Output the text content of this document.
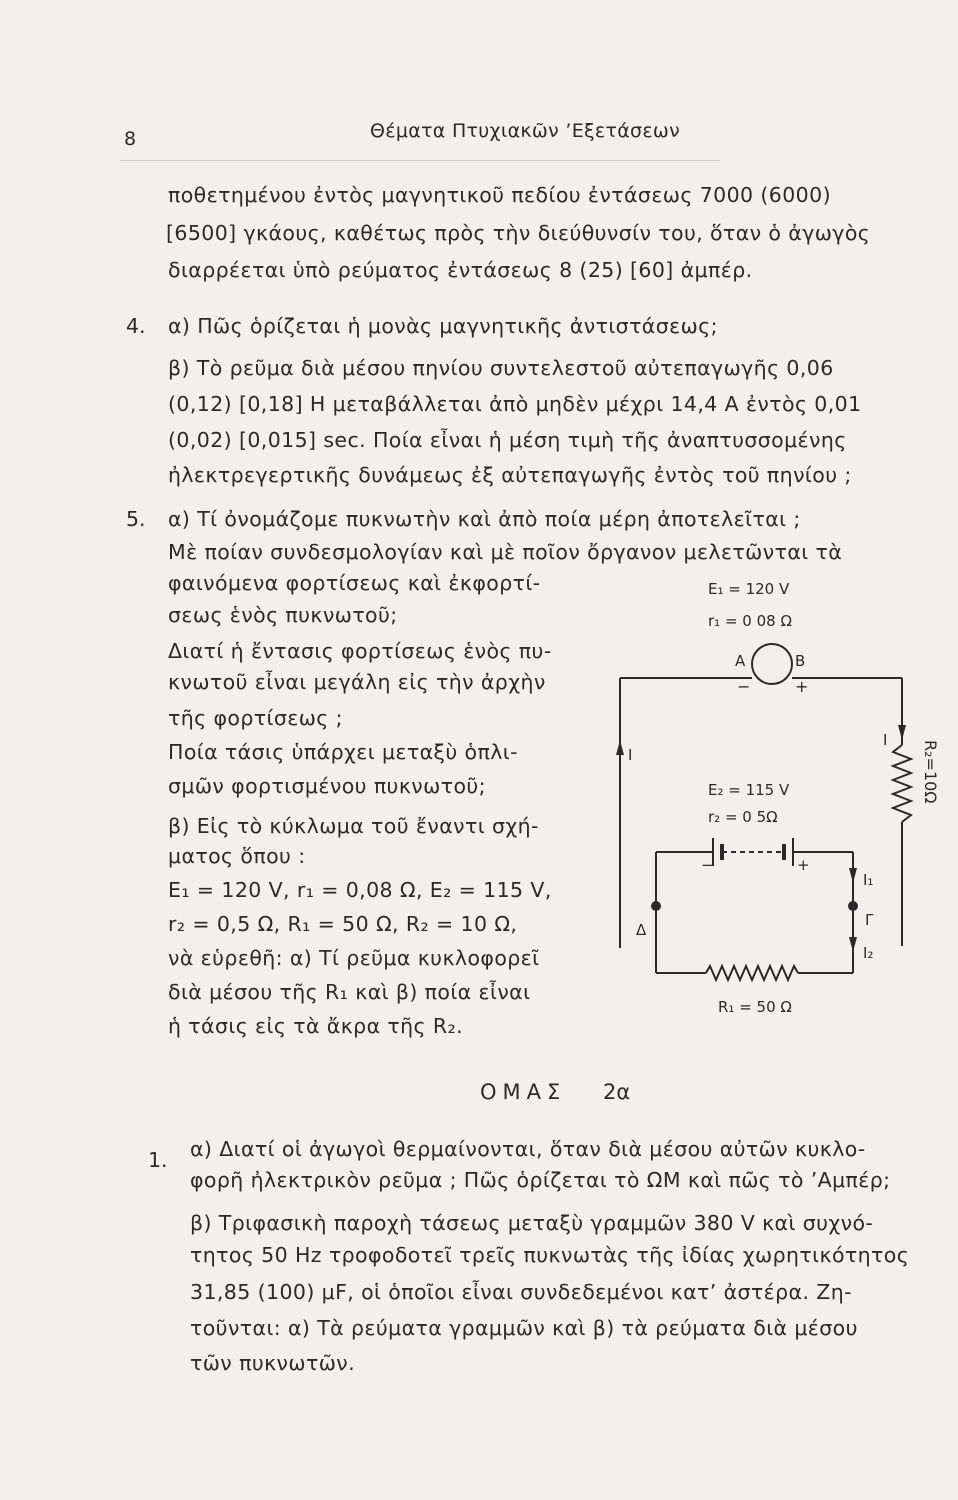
8	Θέματα Πτυχιακῶν ’Εξετάσεων
ποθετημένου ἐντὸς μαγνητικοῦ πεδίου ἐντάσεως 7000 (6000)
[6500] γκάους, καθέτως πρὸς τὴν διεύθυνσίν του, ὅταν ὁ ἀγωγὸς
διαρρέεται ὑπὸ ρεύματος ἐντάσεως 8 (25) [60] ἀμπέρ.
4. α) Πῶς ὁρίζεται ἡ μονὰς μαγνητικῆς ἀντιστάσεως;
β) Τὸ ρεῦμα διὰ μέσου πηνίου συντελεστοῦ αὐτεπαγωγῆς 0,06
(0,12) [0,18] Η μεταβάλλεται ἀπὸ μηδὲν μέχρι 14,4 Α ἐντὸς 0,01
(0,02) [0,015] sec. Ποία εἶναι ἡ μέση τιμὴ τῆς ἀναπτυσσομένης
ἠλεκτρεγερτικῆς δυνάμεως ἐξ αὐτεπαγωγῆς ἐντὸς τοῦ πηνίου ;
5. α) Τί ὀνομάζομε πυκνωτὴν καὶ ἀπὸ ποία μέρη ἀποτελεῖται ;
Μὲ ποίαν συνδεσμολογίαν καὶ μὲ ποῖον ὄργανον μελετῶνται τὰ
φαινόμενα φορτίσεως καὶ ἐκφορτί-
σεως ἑνὸς πυκνωτοῦ;
Διατί ἡ ἔντασις φορτίσεως ἑνὸς πυ-
κνωτοῦ εἶναι μεγάλη εἰς τὴν ἀρχὴν
τῆς φορτίσεως ;
Ποία τάσις ὑπάρχει μεταξὺ ὁπλι-
σμῶν φορτισμένου πυκνωτοῦ;
β) Εἰς τὸ κύκλωμα τοῦ ἔναντι σχή-
ματος ὅπου :
E₁ = 120 V, r₁ = 0,08 Ω, E₂ = 115 V,
r₂ = 0,5 Ω, R₁ = 50 Ω, R₂ = 10 Ω,
νὰ εὑρεθῆ: α) Τί ρεῦμα κυκλοφορεῖ
διὰ μέσου τῆς R₁ καὶ β) ποία εἶναι
ἡ τάσις εἰς τὰ ἄκρα τῆς R₂.
ΟΜΑΣ 2α
1. α) Διατί οἱ ἀγωγοὶ θερμαίνονται, ὅταν διὰ μέσου αὐτῶν κυκλο-
φορῆ ἠλεκτρικὸν ρεῦμα ; Πῶς ὁρίζεται τὸ ΩΜ καὶ πῶς τὸ ’Αμπέρ;
β) Τριφασικὴ παροχὴ τάσεως μεταξὺ γραμμῶν 380 V καὶ συχνό-
τητος 50 Hz τροφοδοτεῖ τρεῖς πυκνωτὰς τῆς ἰδίας χωρητικότητος
31,85 (100) μF, οἱ ὁποῖοι εἶναι συνδεδεμένοι κατ’ ἀστέρα. Ζη-
τοῦνται: α) Τὰ ρεύματα γραμμῶν καὶ β) τὰ ρεύματα διὰ μέσου
τῶν πυκνωτῶν.
E₁ = 120 V
r₁ = 0 08 Ω
A	B
−	+
I
I R₂=10Ω
E₂ = 115 V
r₂ = 0 5Ω
−	+
I₁
Γ
I₂
Δ
R₁ = 50 Ω
